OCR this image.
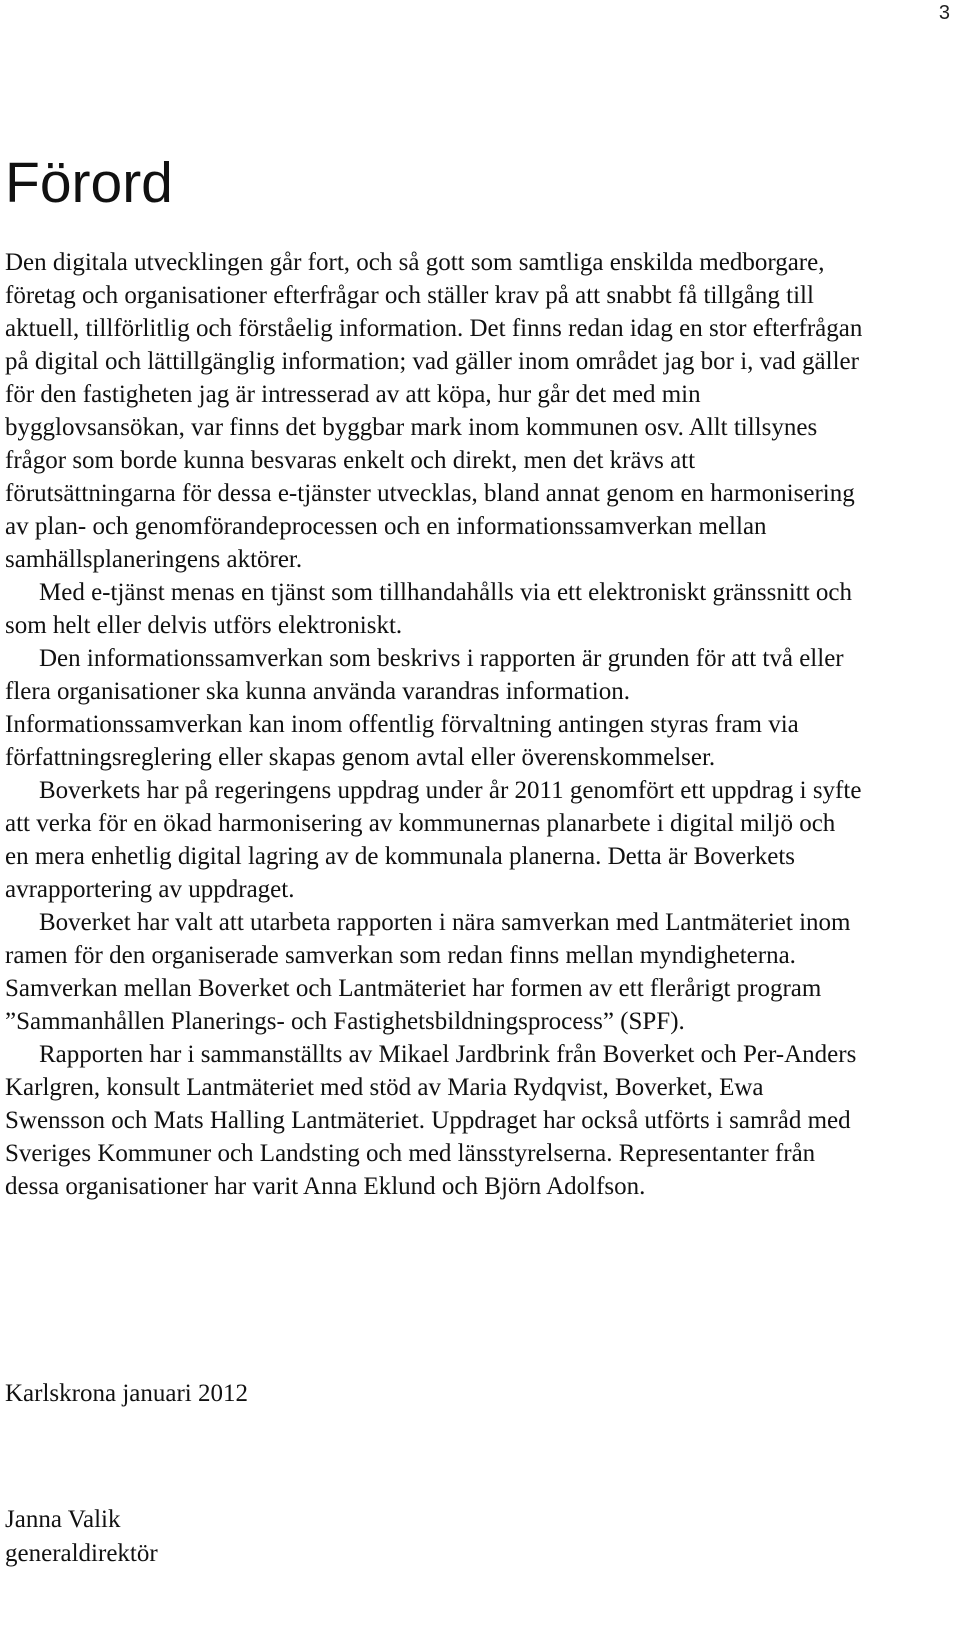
3
Förord

Den digitala utvecklingen går fort, och så gott som samtliga enskilda medborgare, företag och organisationer efterfrågar och ställer krav på att snabbt få tillgång till aktuell, tillförlitlig och förståelig information. Det finns redan idag en stor efterfrågan på digital och lättillgänglig information; vad gäller inom området jag bor i, vad gäller för den fastigheten jag är intresserad av att köpa, hur går det med min bygglovsansökan, var finns det byggbar mark inom kommunen osv. Allt tillsynes frågor som borde kunna besvaras enkelt och direkt, men det krävs att förutsättningarna för dessa e-tjänster utvecklas, bland annat genom en harmonisering av plan- och genomförandeprocessen och en informationssamverkan mellan samhällsplaneringens aktörer.

Med e-tjänst menas en tjänst som tillhandahålls via ett elektroniskt gränssnitt och som helt eller delvis utförs elektroniskt.

Den informationssamverkan som beskrivs i rapporten är grunden för att två eller flera organisationer ska kunna använda varandras information. Informationssamverkan kan inom offentlig förvaltning antingen styras fram via författningsreglering eller skapas genom avtal eller överenskommelser.

Boverkets har på regeringens uppdrag under år 2011 genomfört ett uppdrag i syfte att verka för en ökad harmonisering av kommunernas planarbete i digital miljö och en mera enhetlig digital lagring av de kommunala planerna. Detta är Boverkets avrapportering av uppdraget.

Boverket har valt att utarbeta rapporten i nära samverkan med Lantmäteriet inom ramen för den organiserade samverkan som redan finns mellan myndigheterna. Samverkan mellan Boverket och Lantmäteriet har formen av ett flerårigt program ”Sammanhållen Planerings- och Fastighetsbildningsprocess” (SPF).

Rapporten har i sammanställts av Mikael Jardbrink från Boverket och Per-Anders Karlgren, konsult Lantmäteriet med stöd av Maria Rydqvist, Boverket, Ewa Swensson och Mats Halling Lantmäteriet. Uppdraget har också utförts i samråd med Sveriges Kommuner och Landsting och med länsstyrelserna. Representanter från dessa organisationer har varit Anna Eklund och Björn Adolfson.

Karlskrona januari 2012

Janna Valik
generaldirektör
